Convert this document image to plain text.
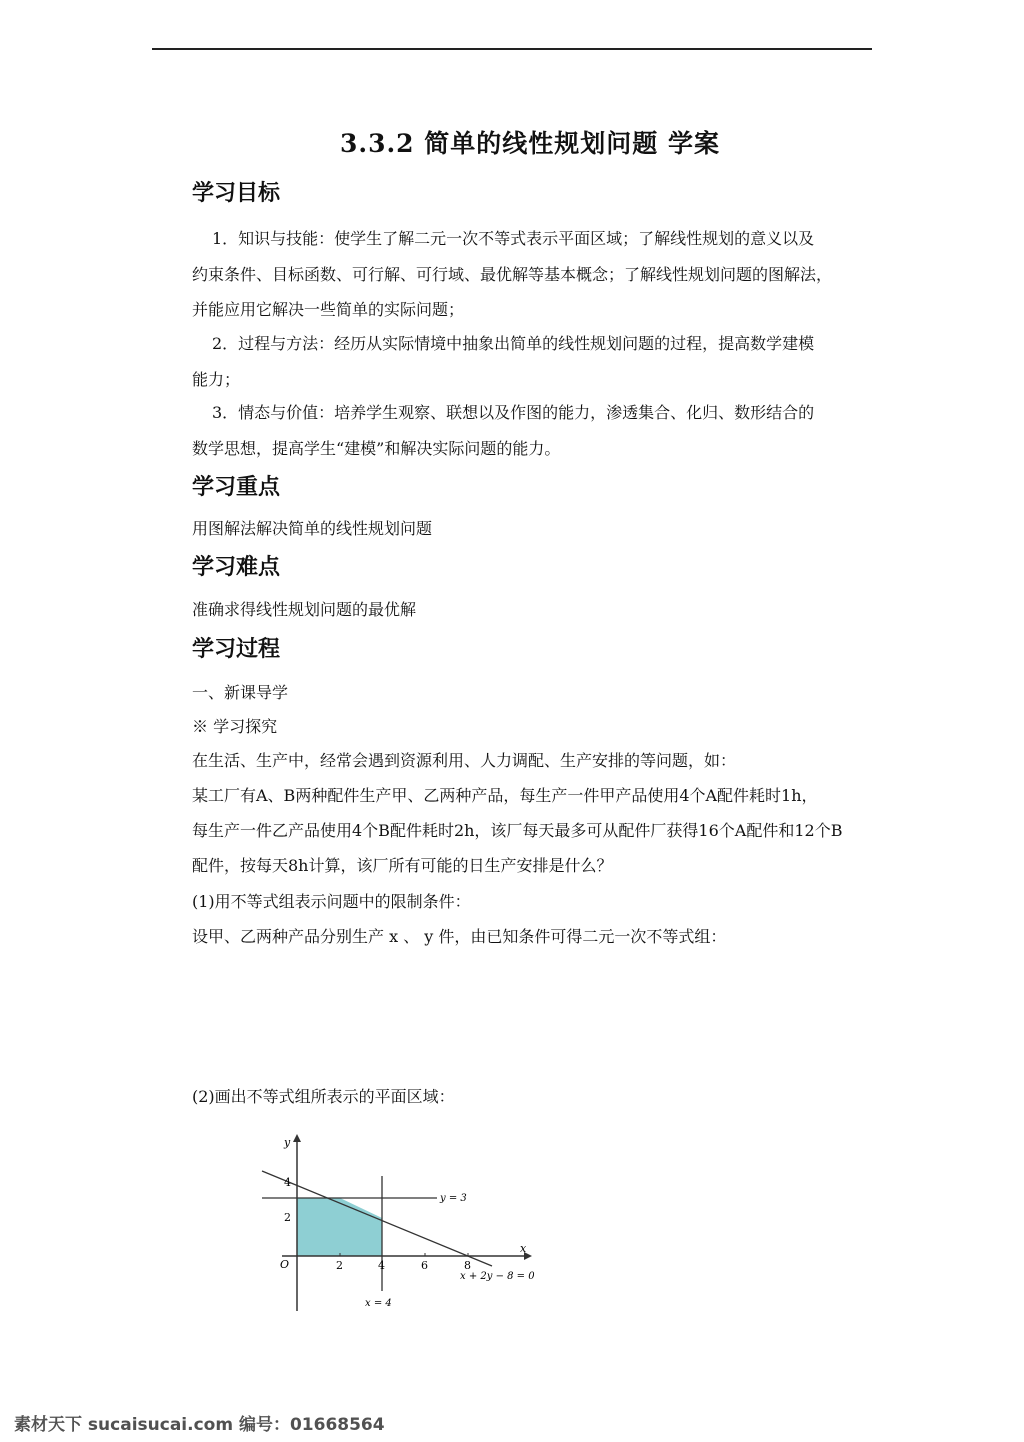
3.3.2 简单的线性规划问题 学案
学习目标
1．知识与技能：使学生了解二元一次不等式表示平面区域；了解线性规划的意义以及
约束条件、目标函数、可行解、可行域、最优解等基本概念；了解线性规划问题的图解法，
并能应用它解决一些简单的实际问题；
2．过程与方法：经历从实际情境中抽象出简单的线性规划问题的过程，提高数学建模
能力；
3．情态与价值：培养学生观察、联想以及作图的能力，渗透集合、化归、数形结合的
数学思想，提高学生“建模”和解决实际问题的能力。
学习重点
用图解法解决简单的线性规划问题
学习难点
准确求得线性规划问题的最优解
学习过程
一、新课导学
※ 学习探究
在生活、生产中，经常会遇到资源利用、人力调配、生产安排的等问题，如：
某工厂有A、B两种配件生产甲、乙两种产品，每生产一件甲产品使用4个A配件耗时1h，
每生产一件乙产品使用4个B配件耗时2h，该厂每天最多可从配件厂获得16个A配件和12个B
配件，按每天8h计算，该厂所有可能的日生产安排是什么？
(1)用不等式组表示问题中的限制条件：
设甲、乙两种产品分别生产 x 、 y 件，由已知条件可得二元一次不等式组：
(2)画出不等式组所表示的平面区域：
y
x
O	2	4	6	8
2
4
y = 3
x = 4
x + 2y − 8 = 0
素材天下 sucaisucai.com 编号：01668564
